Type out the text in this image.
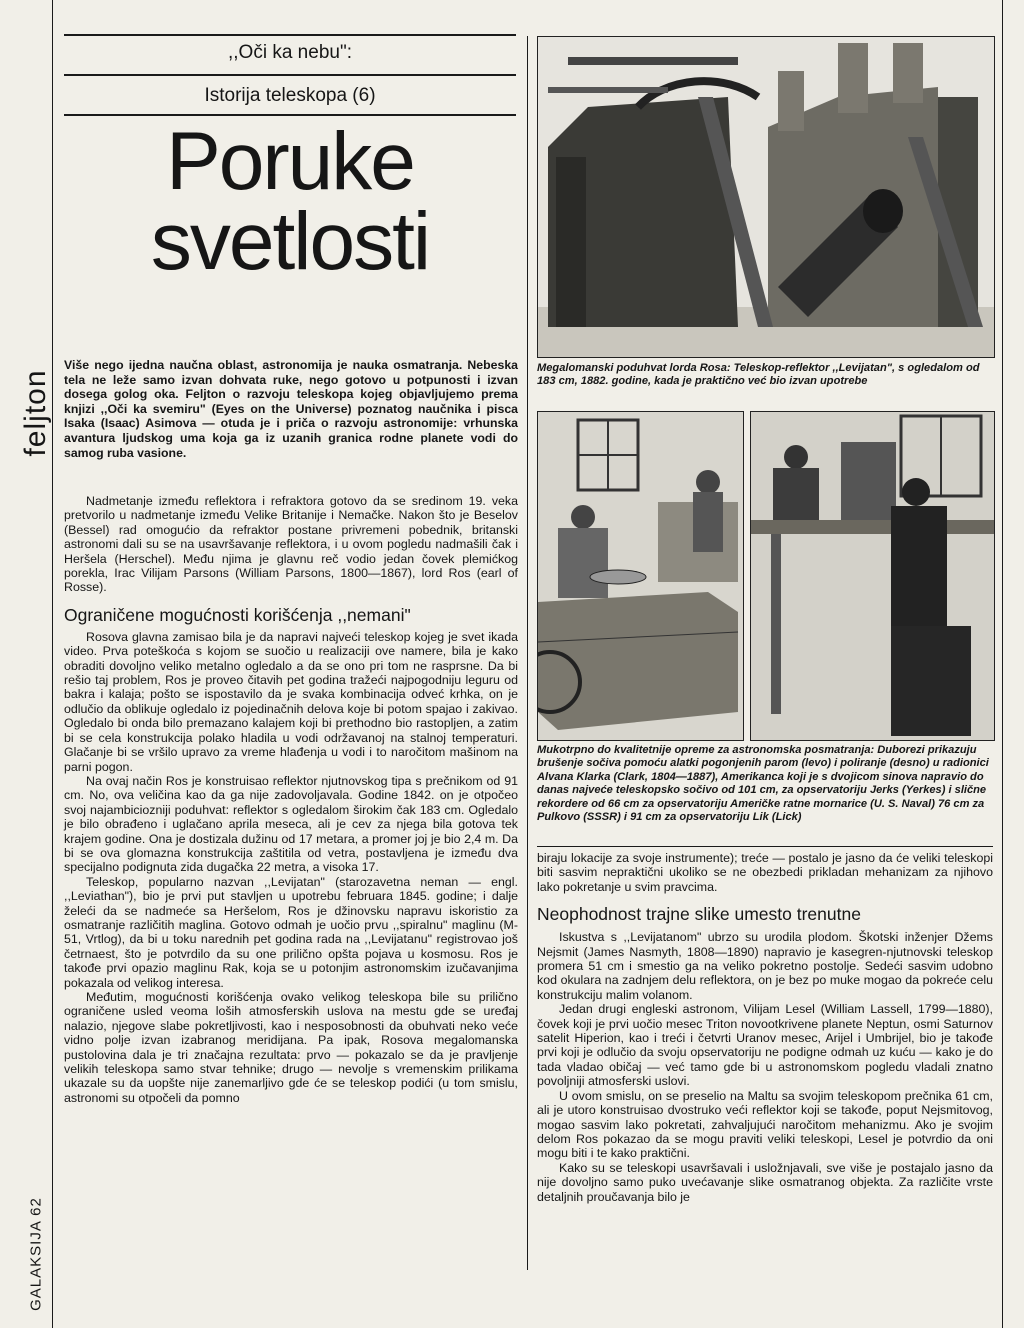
feljton
GALAKSIJA 62
,,Oči ka nebu":
Istorija teleskopa (6)
Poruke
svetlosti

Više nego ijedna naučna oblast, astronomija je nauka osmatranja. Nebeska tela ne leže samo izvan dohvata ruke, nego gotovo u potpunosti i izvan dosega golog oka. Feljton o razvoju teleskopa kojeg objavljujemo prema knjizi ,,Oči ka svemiru" (Eyes on the Universe) poznatog naučnika i pisca Isaka (Isaac) Asimova — otuda je i priča o razvoju astronomije: vrhunska avantura ljudskog uma koja ga iz uzanih granica rodne planete vodi do samog ruba vasione.

Nadmetanje između reflektora i refraktora gotovo da se sredinom 19. veka pretvorilo u nadmetanje između Velike Britanije i Nemačke. Nakon što je Beselov (Bessel) rad omogućio da refraktor postane privremeni pobednik, britanski astronomi dali su se na usavršavanje reflektora, i u ovom pogledu nadmašili čak i Heršela (Herschel). Među njima je glavnu reč vodio jedan čovek plemićkog porekla, Irac Vilijam Parsons (William Parsons, 1800—1867), lord Ros (earl of Rosse).

Ograničene mogućnosti korišćenja ,,nemani"

Rosova glavna zamisao bila je da napravi najveći teleskop kojeg je svet ikada video. Prva poteškoća s kojom se suočio u realizaciji ove namere, bila je kako obraditi dovoljno veliko metalno ogledalo a da se ono pri tom ne rasprsne. Da bi rešio taj problem, Ros je proveo čitavih pet godina tražeći najpogodniju leguru od bakra i kalaja; pošto se ispostavilo da je svaka kombinacija odveć krhka, on je odlučio da oblikuje ogledalo iz pojedinačnih delova koje bi potom spajao i zakivao. Ogledalo bi onda bilo premazano kalajem koji bi prethodno bio rastopljen, a zatim bi se cela konstrukcija polako hladila u vodi održavanoj na stalnoj temperaturi. Glačanje bi se vršilo upravo za vreme hlađenja u vodi i to naročitom mašinom na parni pogon.

Na ovaj način Ros je konstruisao reflektor njutnovskog tipa s prečnikom od 91 cm. No, ova veličina kao da ga nije zadovoljavala. Godine 1842. on je otpočeo svoj najambiciozniji poduhvat: reflektor s ogledalom širokim čak 183 cm. Ogledalo je bilo obrađeno i uglačano aprila meseca, ali je cev za njega bila gotova tek krajem godine. Ona je dostizala dužinu od 17 metara, a promer joj je bio 2,4 m. Da bi se ova glomazna konstrukcija zaštitila od vetra, postavljena je između dva specijalno podignuta zida dugačka 22 metra, a visoka 17.

Teleskop, popularno nazvan ,,Levijatan" (starozavetna neman — engl. ,,Leviathan"), bio je prvi put stavljen u upotrebu februara 1845. godine; i dalje želeći da se nadmeće sa Heršelom, Ros je džinovsku napravu iskoristio za osmatranje različitih maglina. Gotovo odmah je uočio prvu ,,spiralnu" maglinu (M-51, Vrtlog), da bi u toku narednih pet godina rada na ,,Levijatanu" registrovao još četrnaest, što je potvrdilo da su one prilično opšta pojava u kosmosu. Ros je takođe prvi opazio maglinu Rak, koja se u potonjim astronomskim izučavanjima pokazala od velikog interesa.

Međutim, mogućnosti korišćenja ovako velikog teleskopa bile su prilično ograničene usled veoma loših atmosferskih uslova na mestu gde se uređaj nalazio, njegove slabe pokretljivosti, kao i nesposobnosti da obuhvati neko veće vidno polje izvan izabranog meridijana. Pa ipak, Rosova megalomanska pustolovina dala je tri značajna rezultata: prvo — pokazalo se da je pravljenje velikih teleskopa samo stvar tehnike; drugo — nevolje s vremenskim prilikama ukazale su da uopšte nije zanemarljivo gde će se teleskop podići (u tom smislu, astronomi su otpočeli da pomno

Megalomanski poduhvat lorda Rosa: Teleskop-reflektor ,,Levijatan", s ogledalom od 183 cm, 1882. godine, kada je praktično već bio izvan upotrebe

Mukotrpno do kvalitetnije opreme za astronomska posmatranja: Duborezi prikazuju brušenje sočiva pomoću alatki pogonjenih parom (levo) i poliranje (desno) u radionici Alvana Klarka (Clark, 1804—1887), Amerikanca koji je s dvojicom sinova napravio do danas najveće teleskopsko sočivo od 101 cm, za opservatoriju Jerks (Yerkes) i slične rekordere od 66 cm za opservatoriju Američke ratne mornarice (U. S. Naval) 76 cm za Pulkovo (SSSR) i 91 cm za opservatoriju Lik (Lick)

biraju lokacije za svoje instrumente); treće — postalo je jasno da će veliki teleskopi biti sasvim nepraktični ukoliko se ne obezbedi prikladan mehanizam za njihovo lako pokretanje u svim pravcima.

Neophodnost trajne slike umesto trenutne

Iskustva s ,,Levijatanom" ubrzo su urodila plodom. Škotski inženjer Džems Nejsmit (James Nasmyth, 1808—1890) napravio je kasegren-njutnovski teleskop promera 51 cm i smestio ga na veliko pokretno postolje. Sedeći sasvim udobno kod okulara na zadnjem delu reflektora, on je bez po muke mogao da pokreće celu konstrukciju malim volanom.

Jedan drugi engleski astronom, Vilijam Lesel (William Lassell, 1799—1880), čovek koji je prvi uočio mesec Triton novootkrivene planete Neptun, osmi Saturnov satelit Hiperion, kao i treći i četvrti Uranov mesec, Arijel i Umbrijel, bio je takođe prvi koji je odlučio da svoju opservatoriju ne podigne odmah uz kuću — kako je do tada vladao običaj — već tamo gde bi u astronomskom pogledu vladali znatno povoljniji atmosferski uslovi.

U ovom smislu, on se preselio na Maltu sa svojim teleskopom prečnika 61 cm, ali je utoro konstruisao dvostruko veći reflektor koji se takođe, poput Nejsmitovog, mogao sasvim lako pokretati, zahvaljujući naročitom mehanizmu. Ako je svojim delom Ros pokazao da se mogu praviti veliki teleskopi, Lesel je potvrdio da oni mogu biti i te kako praktični.

Kako su se teleskopi usavršavali i usložnjavali, sve više je postajalo jasno da nije dovoljno samo puko uvećavanje slike osmatranog objekta. Za različite vrste detaljnih proučavanja bilo je
